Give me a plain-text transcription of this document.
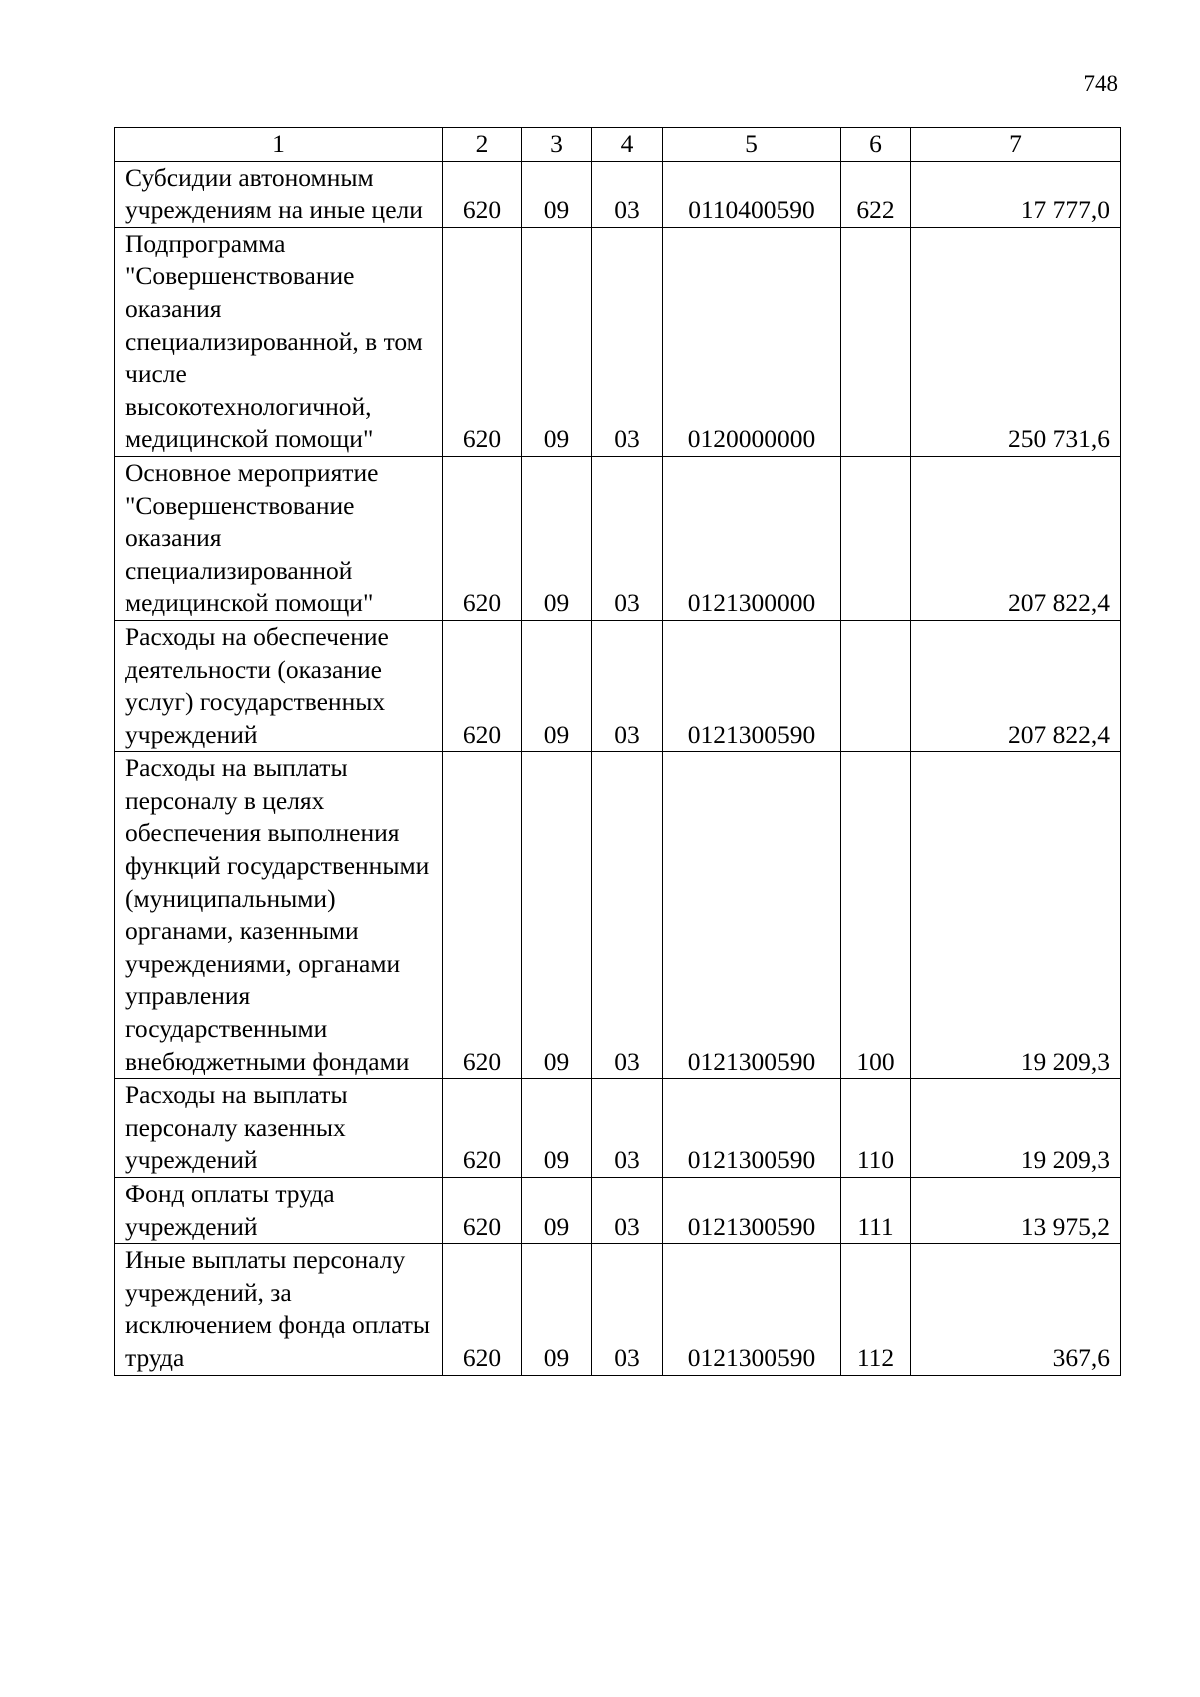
748
1	2	3	4	5	6	7
Субсидии автономным учреждениям на иные цели	620	09	03	0110400590	622	17 777,0
Подпрограмма "Совершенствование оказания специализированной, в том числе высокотехнологичной, медицинской помощи"	620	09	03	0120000000		250 731,6
Основное мероприятие "Совершенствование оказания специализированной медицинской помощи"	620	09	03	0121300000		207 822,4
Расходы на обеспечение деятельности (оказание услуг) государственных учреждений	620	09	03	0121300590		207 822,4
Расходы на выплаты персоналу в целях обеспечения выполнения функций государственными (муниципальными) органами, казенными учреждениями, органами управления государственными внебюджетными фондами	620	09	03	0121300590	100	19 209,3
Расходы на выплаты персоналу казенных учреждений	620	09	03	0121300590	110	19 209,3
Фонд оплаты труда учреждений	620	09	03	0121300590	111	13 975,2
Иные выплаты персоналу учреждений, за исключением фонда оплаты труда	620	09	03	0121300590	112	367,6
